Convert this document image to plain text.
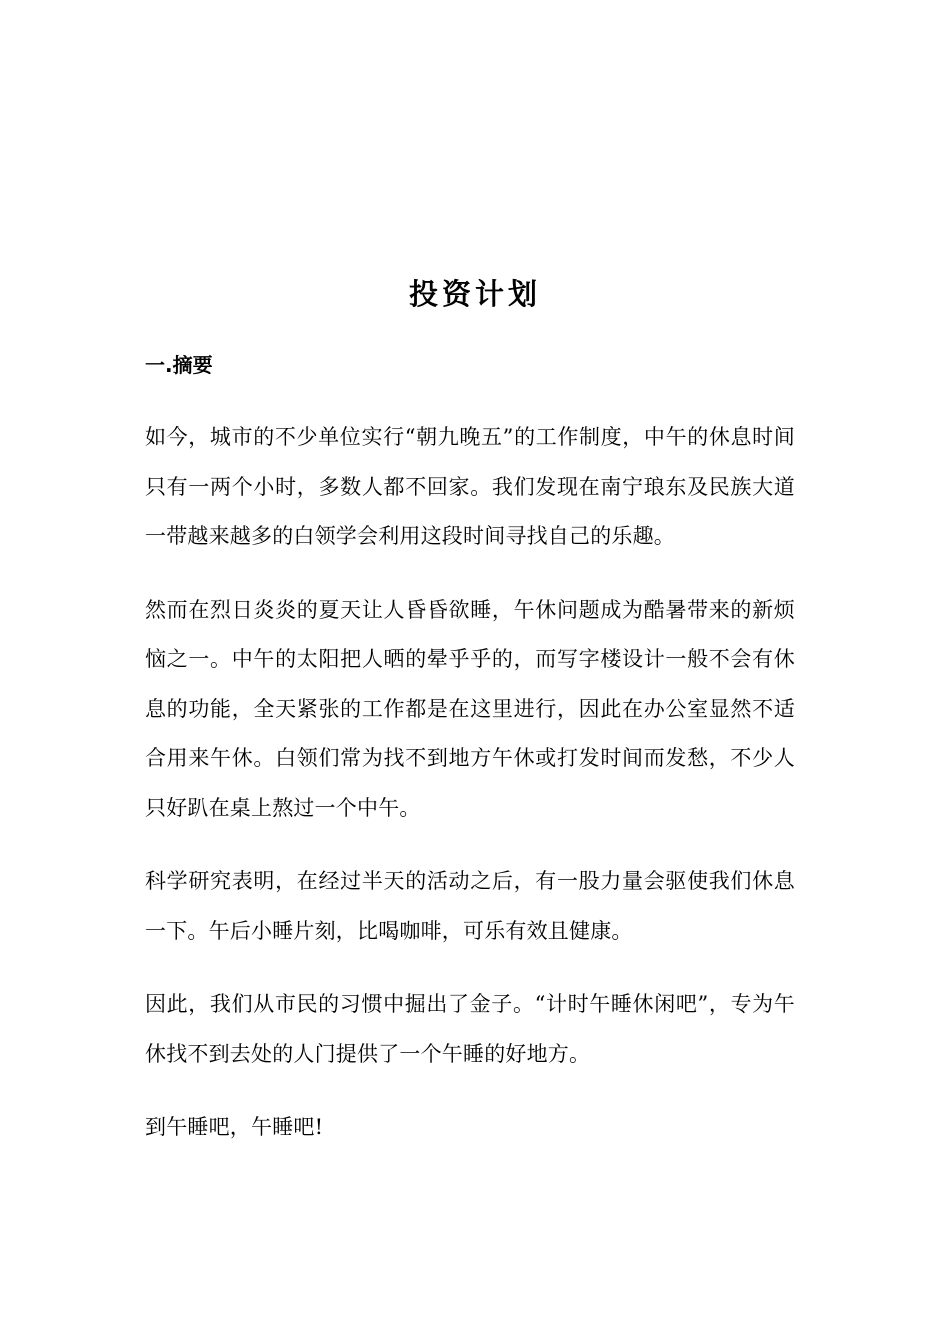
投资计划
一.摘要

如今，城市的不少单位实行“朝九晚五”的工作制度，中午的休息时间只有一两个小时，多数人都不回家。我们发现在南宁琅东及民族大道一带越来越多的白领学会利用这段时间寻找自己的乐趣。

然而在烈日炎炎的夏天让人昏昏欲睡，午休问题成为酷暑带来的新烦恼之一。中午的太阳把人晒的晕乎乎的，而写字楼设计一般不会有休息的功能，全天紧张的工作都是在这里进行，因此在办公室显然不适合用来午休。白领们常为找不到地方午休或打发时间而发愁，不少人只好趴在桌上熬过一个中午。

科学研究表明，在经过半天的活动之后，有一股力量会驱使我们休息一下。午后小睡片刻，比喝咖啡，可乐有效且健康。

因此，我们从市民的习惯中掘出了金子。“计时午睡休闲吧”，专为午休找不到去处的人门提供了一个午睡的好地方。

到午睡吧，午睡吧!
